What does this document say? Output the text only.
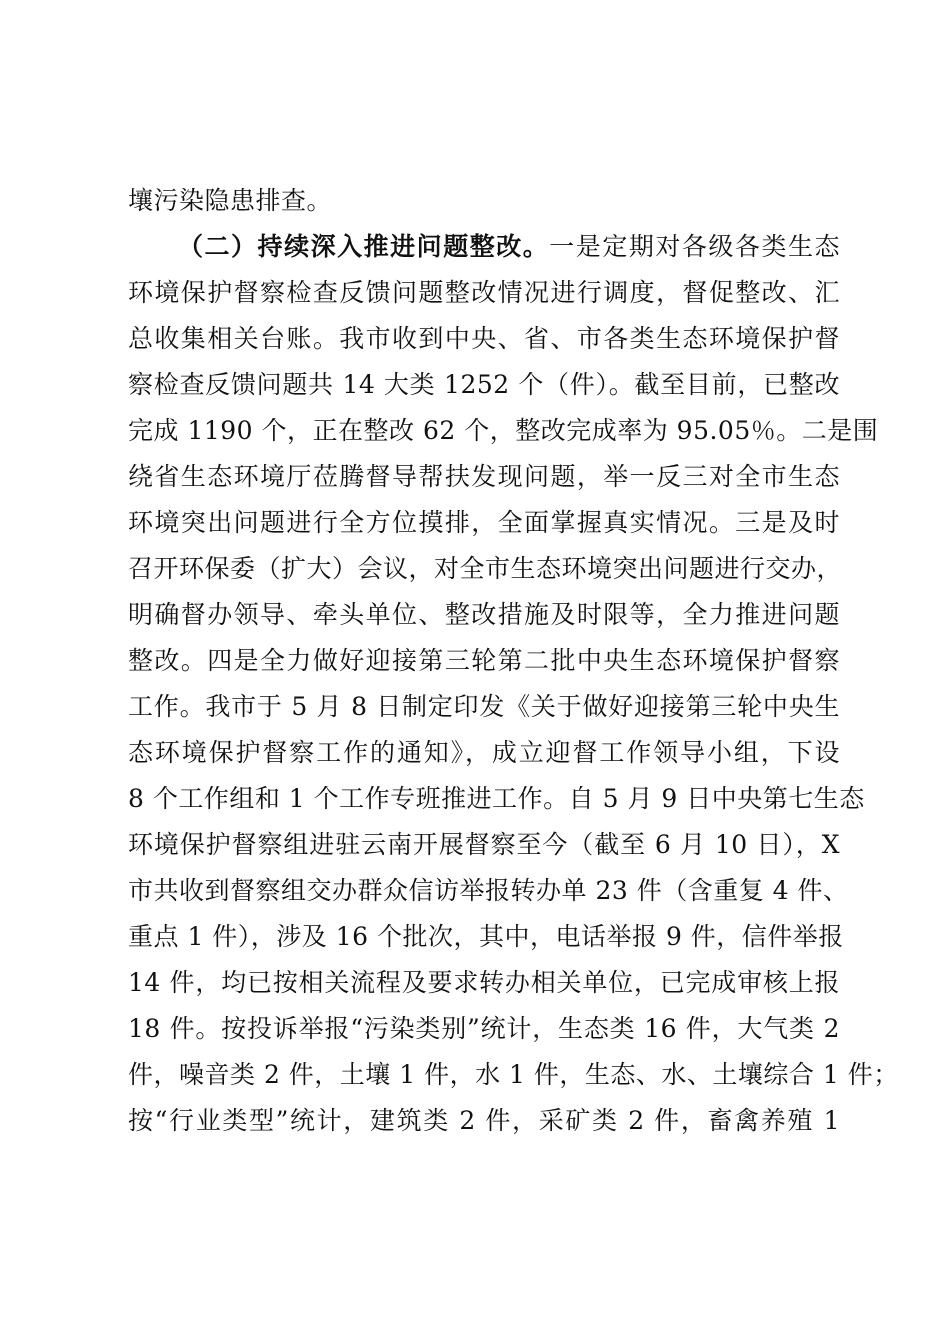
壤污染隐患排查。
（二）持续深入推进问题整改。一是定期对各级各类生态
环境保护督察检查反馈问题整改情况进行调度，督促整改、汇
总收集相关台账。我市收到中央、省、市各类生态环境保护督
察检查反馈问题共 14 大类 1252 个（件）。截至目前，已整改
完成 1190 个，正在整改 62 个，整改完成率为 95.05％。二是围
绕省生态环境厅莅腾督导帮扶发现问题，举一反三对全市生态
环境突出问题进行全方位摸排，全面掌握真实情况。三是及时
召开环保委（扩大）会议，对全市生态环境突出问题进行交办，
明确督办领导、牵头单位、整改措施及时限等，全力推进问题
整改。四是全力做好迎接第三轮第二批中央生态环境保护督察
工作。我市于 5 月 8 日制定印发《关于做好迎接第三轮中央生
态环境保护督察工作的通知》，成立迎督工作领导小组，下设
8 个工作组和 1 个工作专班推进工作。自 5 月 9 日中央第七生态
环境保护督察组进驻云南开展督察至今（截至 6 月 10 日），X
市共收到督察组交办群众信访举报转办单 23 件（含重复 4 件、
重点 1 件），涉及 16 个批次，其中，电话举报 9 件，信件举报
14 件，均已按相关流程及要求转办相关单位，已完成审核上报
18 件。按投诉举报“污染类别”统计，生态类 16 件，大气类 2
件，噪音类 2 件，土壤 1 件，水 1 件，生态、水、土壤综合 1 件；
按“行业类型”统计，建筑类 2 件，采矿类 2 件，畜禽养殖 1
